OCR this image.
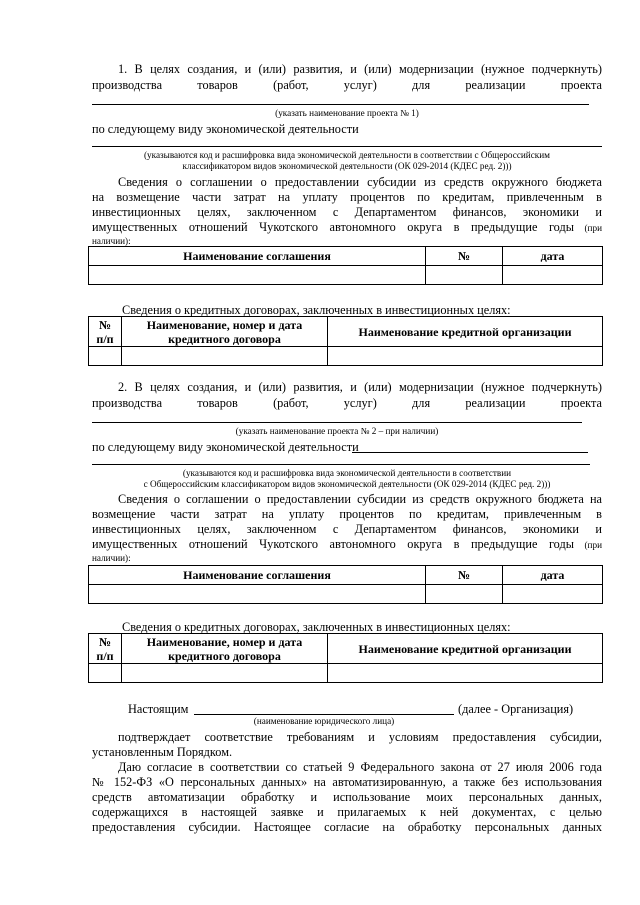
1. В целях создания, и (или) развития, и (или) модернизации (нужное подчеркнуть)
производства	товаров	(работ,	услуг)	для	реализации	проекта
(указать наименование проекта № 1)
по следующему виду экономической деятельности
(указываются код и расшифровка вида экономической деятельности в соответствии с Общероссийским
классификатором видов экономической деятельности (ОК 029-2014 (КДЕС ред. 2)))
Сведения о соглашении о предоставлении субсидии из средств окружного бюджета
на возмещение части затрат на уплату процентов по кредитам, привлеченным в
инвестиционных целях, заключенном с Департаментом финансов, экономики и
имущественных отношений Чукотского автономного округа в предыдущие годы (при
наличии):
Наименование соглашения	№	дата

Сведения о кредитных договорах, заключенных в инвестиционных целях:
№
п/п	Наименование, номер и дата
кредитного договора	Наименование кредитной организации

2. В целях создания, и (или) развития, и (или) модернизации (нужное подчеркнуть)
производства	товаров	(работ,	услуг)	для	реализации	проекта
(указать наименование проекта № 2 – при наличии)
по следующему виду экономической деятельности
(указываются код и расшифровка вида экономической деятельности в соответствии
с Общероссийским классификатором видов экономической деятельности (ОК 029-2014 (КДЕС ред. 2)))
Сведения о соглашении о предоставлении субсидии из средств окружного бюджета на
возмещение части затрат на уплату процентов по кредитам, привлеченным в
инвестиционных целях, заключенном с Департаментом финансов, экономики и
имущественных отношений Чукотского автономного округа в предыдущие годы (при
наличии):
Наименование соглашения	№	дата

Сведения о кредитных договорах, заключенных в инвестиционных целях:
№
п/п	Наименование, номер и дата
кредитного договора	Наименование кредитной организации

Настоящим	(далее - Организация)
(наименование юридического лица)
подтверждает соответствие требованиям и условиям предоставления субсидии,
установленным Порядком.
Даю согласие в соответствии со статьей 9 Федерального закона от 27 июля 2006 года
№ 152-ФЗ «О персональных данных» на автоматизированную, а также без использования
средств автоматизации обработку и использование моих персональных данных,
содержащихся в настоящей заявке и прилагаемых к ней документах, с целью
предоставления субсидии. Настоящее согласие на обработку персональных данных
